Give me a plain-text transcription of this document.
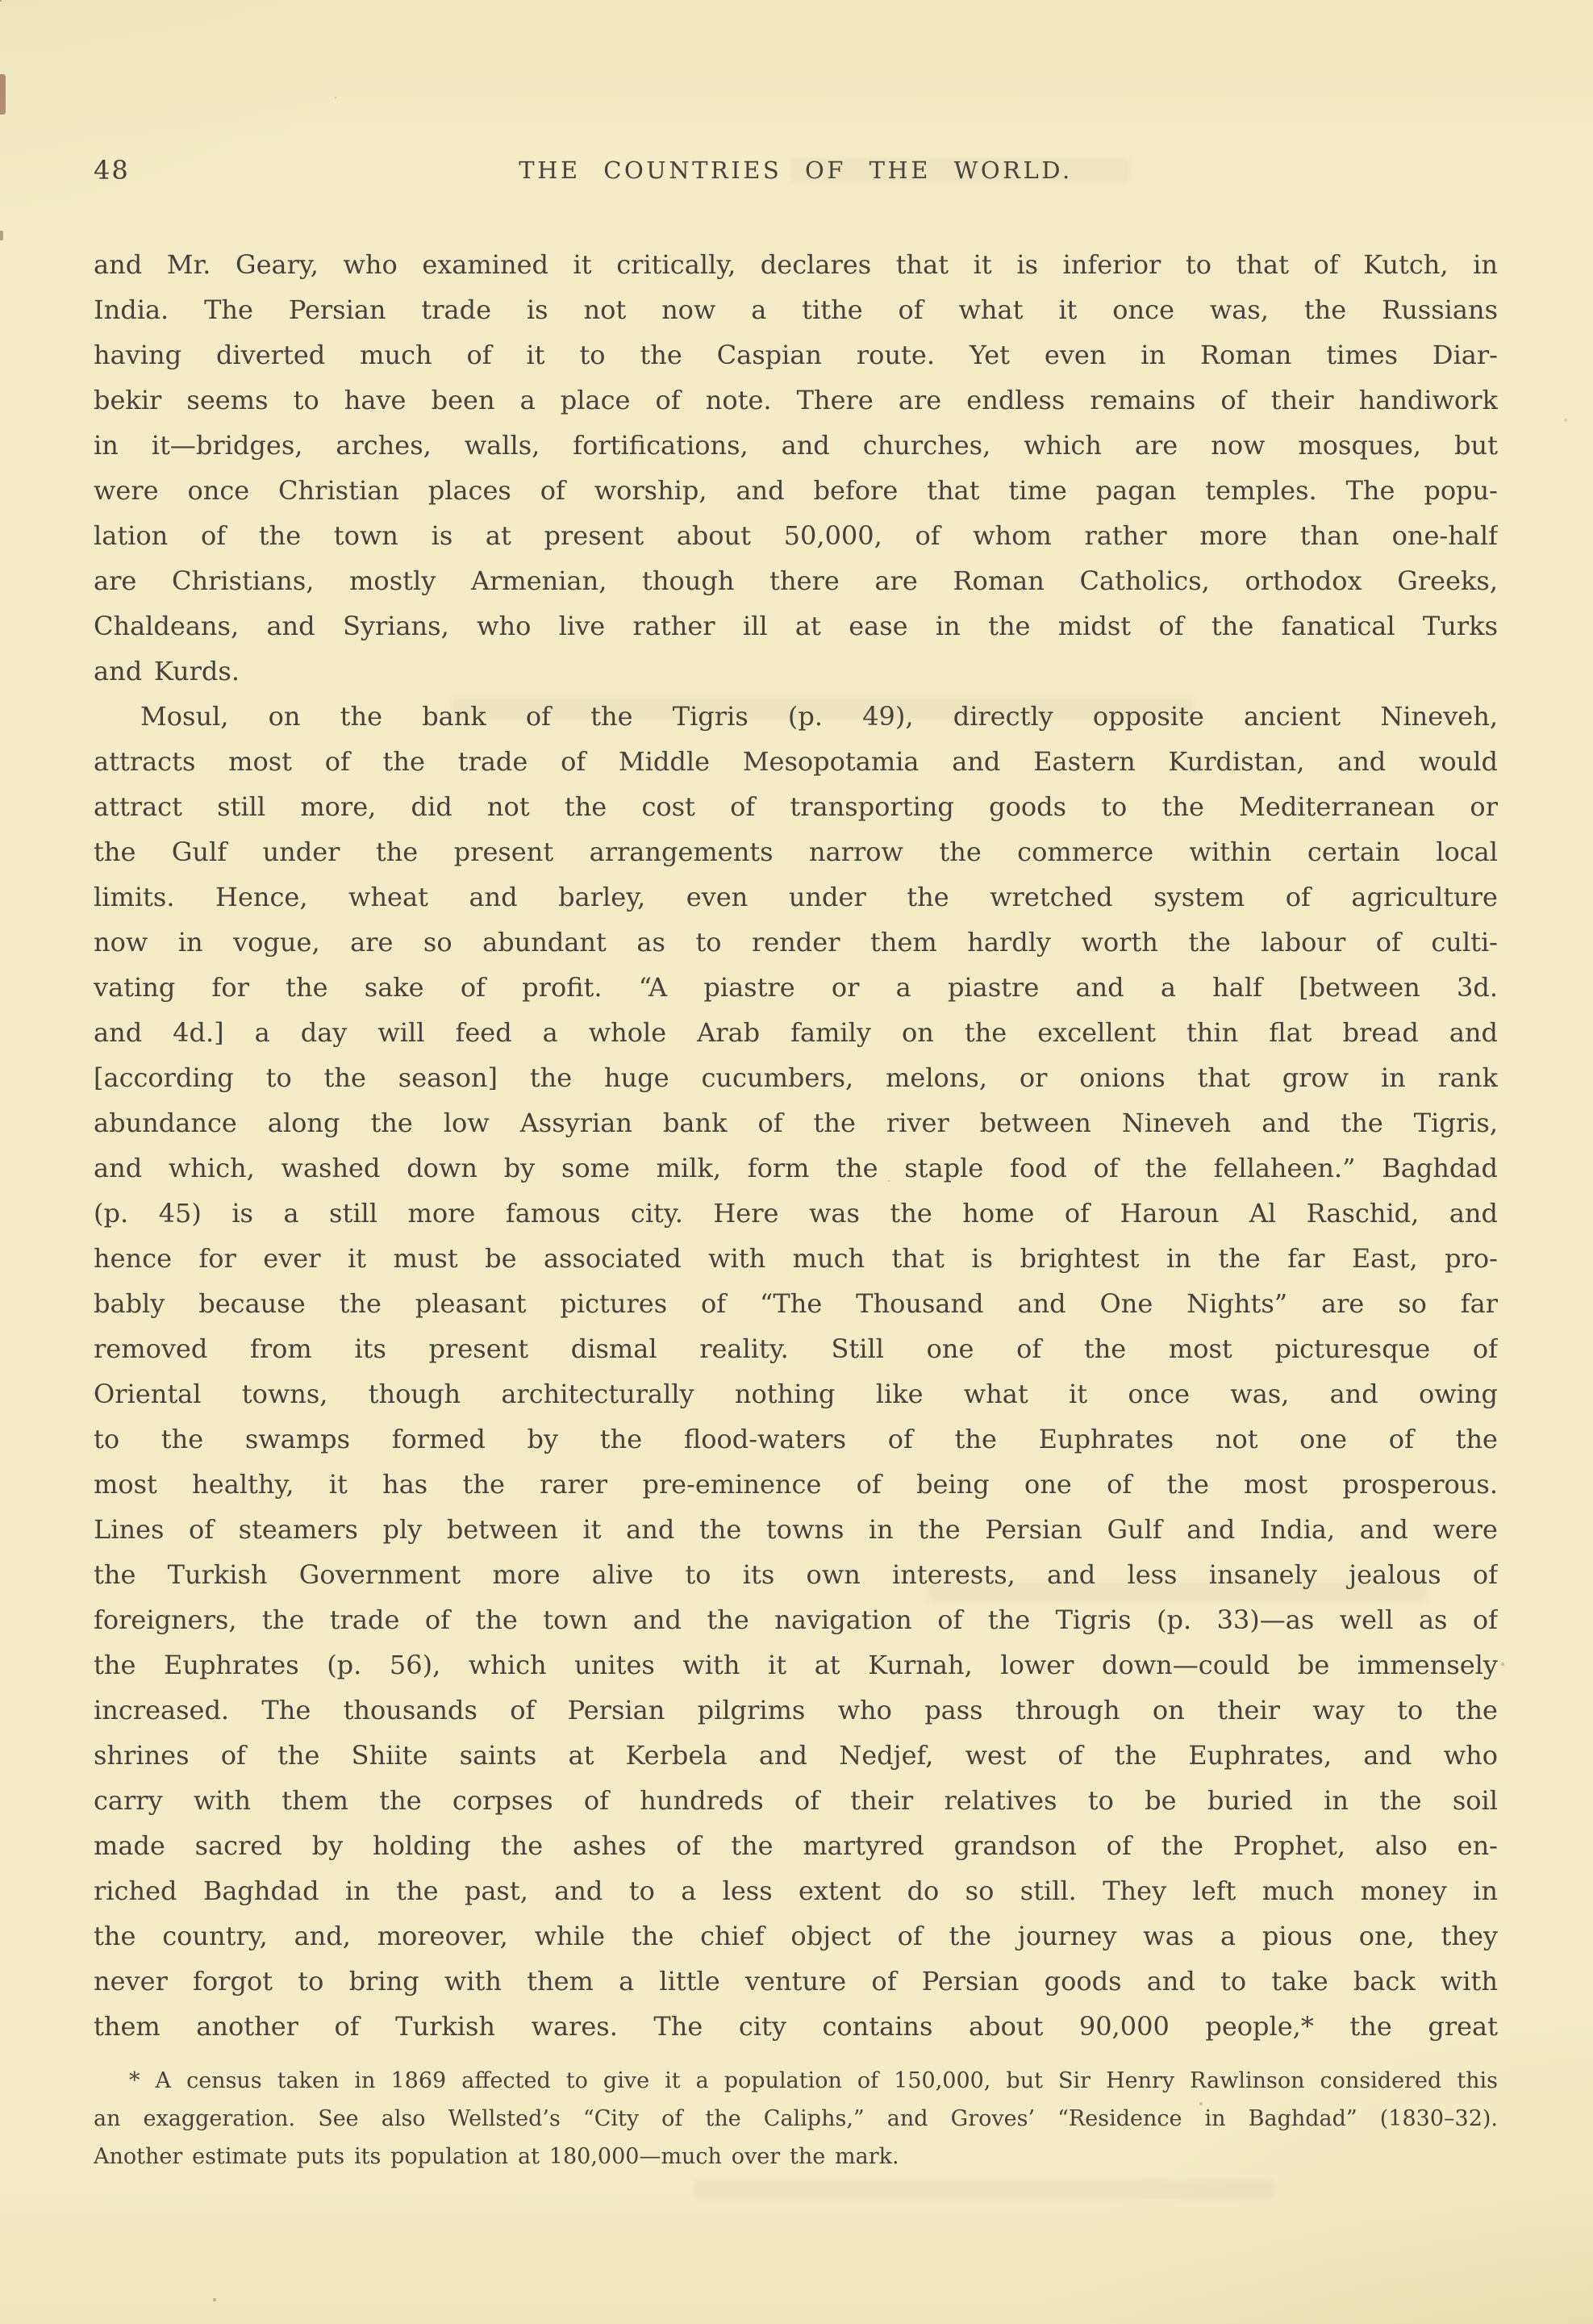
48	THE COUNTRIES OF THE WORLD.
and Mr. Geary, who examined it critically, declares that it is inferior to that of Kutch, in
India. The Persian trade is not now a tithe of what it once was, the Russians
having diverted much of it to the Caspian route. Yet even in Roman times Diar-
bekir seems to have been a place of note. There are endless remains of their handiwork
in it—bridges, arches, walls, fortifications, and churches, which are now mosques, but
were once Christian places of worship, and before that time pagan temples. The popu-
lation of the town is at present about 50,000, of whom rather more than one-half
are Christians, mostly Armenian, though there are Roman Catholics, orthodox Greeks,
Chaldeans, and Syrians, who live rather ill at ease in the midst of the fanatical Turks
and Kurds.
Mosul, on the bank of the Tigris (p. 49), directly opposite ancient Nineveh,
attracts most of the trade of Middle Mesopotamia and Eastern Kurdistan, and would
attract still more, did not the cost of transporting goods to the Mediterranean or
the Gulf under the present arrangements narrow the commerce within certain local
limits. Hence, wheat and barley, even under the wretched system of agriculture
now in vogue, are so abundant as to render them hardly worth the labour of culti-
vating for the sake of profit. “A piastre or a piastre and a half [between 3d.
and 4d.] a day will feed a whole Arab family on the excellent thin flat bread and
[according to the season] the huge cucumbers, melons, or onions that grow in rank
abundance along the low Assyrian bank of the river between Nineveh and the Tigris,
and which, washed down by some milk, form the staple food of the fellaheen.” Baghdad
(p. 45) is a still more famous city. Here was the home of Haroun Al Raschid, and
hence for ever it must be associated with much that is brightest in the far East, pro-
bably because the pleasant pictures of “The Thousand and One Nights” are so far
removed from its present dismal reality. Still one of the most picturesque of
Oriental towns, though architecturally nothing like what it once was, and owing
to the swamps formed by the flood-waters of the Euphrates not one of the
most healthy, it has the rarer pre-eminence of being one of the most prosperous.
Lines of steamers ply between it and the towns in the Persian Gulf and India, and were
the Turkish Government more alive to its own interests, and less insanely jealous of
foreigners, the trade of the town and the navigation of the Tigris (p. 33)—as well as of
the Euphrates (p. 56), which unites with it at Kurnah, lower down—could be immensely
increased. The thousands of Persian pilgrims who pass through on their way to the
shrines of the Shiite saints at Kerbela and Nedjef, west of the Euphrates, and who
carry with them the corpses of hundreds of their relatives to be buried in the soil
made sacred by holding the ashes of the martyred grandson of the Prophet, also en-
riched Baghdad in the past, and to a less extent do so still. They left much money in
the country, and, moreover, while the chief object of the journey was a pious one, they
never forgot to bring with them a little venture of Persian goods and to take back with
them another of Turkish wares. The city contains about 90,000 people,* the great
* A census taken in 1869 affected to give it a population of 150,000, but Sir Henry Rawlinson considered this
an exaggeration. See also Wellsted’s “City of the Caliphs,” and Groves’ “Residence in Baghdad” (1830–32).
Another estimate puts its population at 180,000—much over the mark.
